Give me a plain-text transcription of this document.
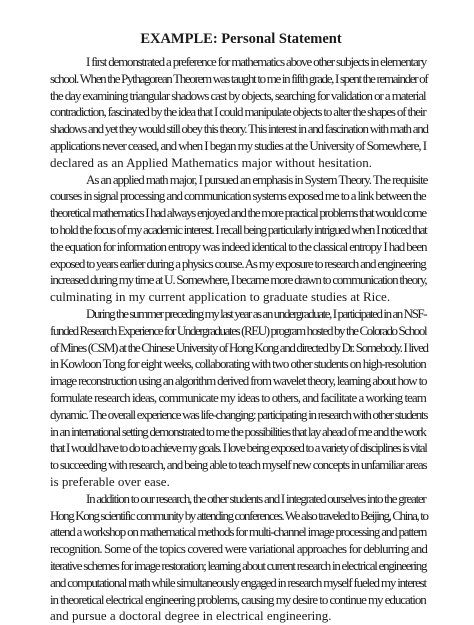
EXAMPLE: Personal Statement
I first demonstrated a preference for mathematics above other subjects in elementary
school. When the Pythagorean Theorem was taught to me in fifth grade, I spent the remainder of
the day examining triangular shadows cast by objects, searching for validation or a material
contradiction, fascinated by the idea that I could manipulate objects to alter the shapes of their
shadows and yet they would still obey this theory. This interest in and fascination with math and
applications never ceased, and when I began my studies at the University of Somewhere, I
declared as an Applied Mathematics major without hesitation.
As an applied math major, I pursued an emphasis in System Theory. The requisite
courses in signal processing and communication systems exposed me to a link between the
theoretical mathematics I had always enjoyed and the more practical problems that would come
to hold the focus of my academic interest. I recall being particularly intrigued when I noticed that
the equation for information entropy was indeed identical to the classical entropy I had been
exposed to years earlier during a physics course. As my exposure to research and engineering
increased during my time at U. Somewhere, I became more drawn to communication theory,
culminating in my current application to graduate studies at Rice.
During the summer preceding my last year as an undergraduate, I participated in an NSF-
funded Research Experience for Undergraduates (REU) program hosted by the Colorado School
of Mines (CSM) at the Chinese University of Hong Kong and directed by Dr. Somebody. I lived
in Kowloon Tong for eight weeks, collaborating with two other students on high-resolution
image reconstruction using an algorithm derived from wavelet theory, learning about how to
formulate research ideas, communicate my ideas to others, and facilitate a working team
dynamic. The overall experience was life-changing: participating in research with other students
in an international setting demonstrated to me the possibilities that lay ahead of me and the work
that I would have to do to achieve my goals. I love being exposed to a variety of disciplines is vital
to succeeding with research, and being able to teach myself new concepts in unfamiliar areas
is preferable over ease.
In addition to our research, the other students and I integrated ourselves into the greater
Hong Kong scientific community by attending conferences. We also traveled to Beijing, China, to
attend a workshop on mathematical methods for multi-channel image processing and pattern
recognition. Some of the topics covered were variational approaches for deblurring and
iterative schemes for image restoration; learning about current research in electrical engineering
and computational math while simultaneously engaged in research myself fueled my interest
in theoretical electrical engineering problems, causing my desire to continue my education
and pursue a doctoral degree in electrical engineering.
